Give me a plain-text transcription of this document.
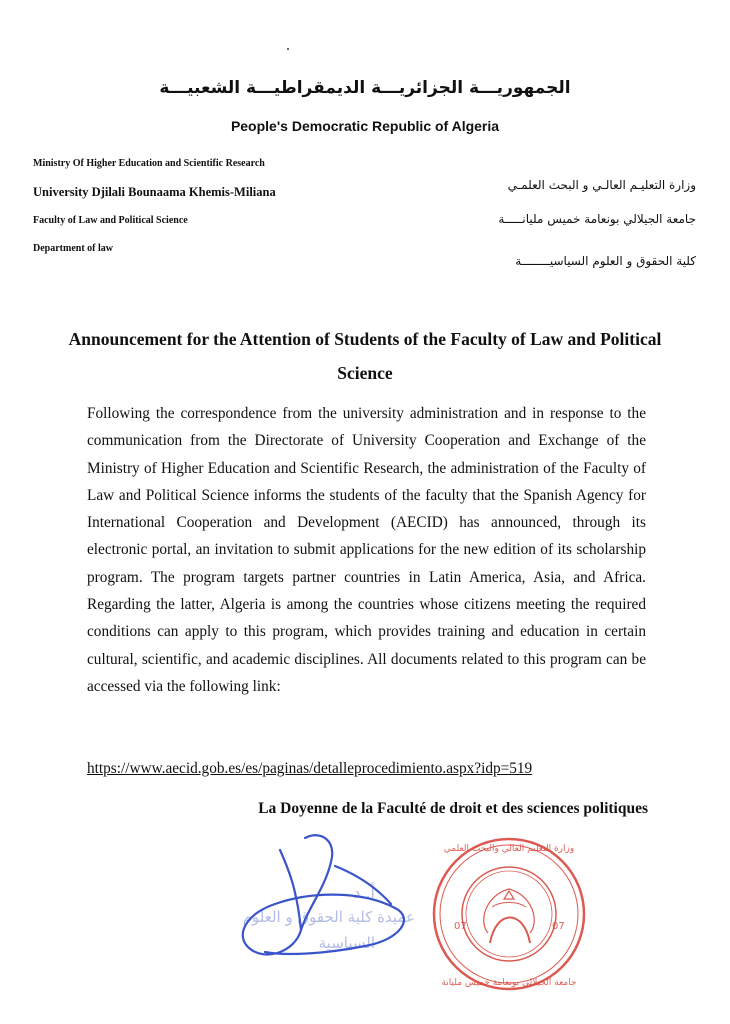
الجمهوريـــة الجزائريـــة الديمقراطيـــة الشعبيـــة
People's Democratic Republic of Algeria
Ministry Of Higher Education and Scientific Research
University Djilali Bounaama Khemis-Miliana
Faculty of Law and Political Science
Department of law
وزارة التعليـم العالـي و البحث العلمـي
جامعة الجيلالي بونعامة خميس مليانـــــة
كلية الحقوق و العلوم السياسيــــــــة
Announcement for the Attention of Students of the Faculty of Law and Political Science

Following the correspondence from the university administration and in response to the communication from the Directorate of University Cooperation and Exchange of the Ministry of Higher Education and Scientific Research, the administration of the Faculty of Law and Political Science informs the students of the faculty that the Spanish Agency for International Cooperation and Development (AECID) has announced, through its electronic portal, an invitation to submit applications for the new edition of its scholarship program. The program targets partner countries in Latin America, Asia, and Africa. Regarding the latter, Algeria is among the countries whose citizens meeting the required conditions can apply to this program, which provides training and education in certain cultural, scientific, and academic disciplines. All documents related to this program can be accessed via the following link:

https://www.aecid.gob.es/es/paginas/detalleprocedimiento.aspx?idp=519
La Doyenne de la Faculté de droit et des sciences politiques
عميدة كلية الحقوق و العلوم
السياسية
أ. د
07	07
وزارة التعليم العالي والبحث العلمي
جامعة الجيلالي بونعامة خميس مليانة
